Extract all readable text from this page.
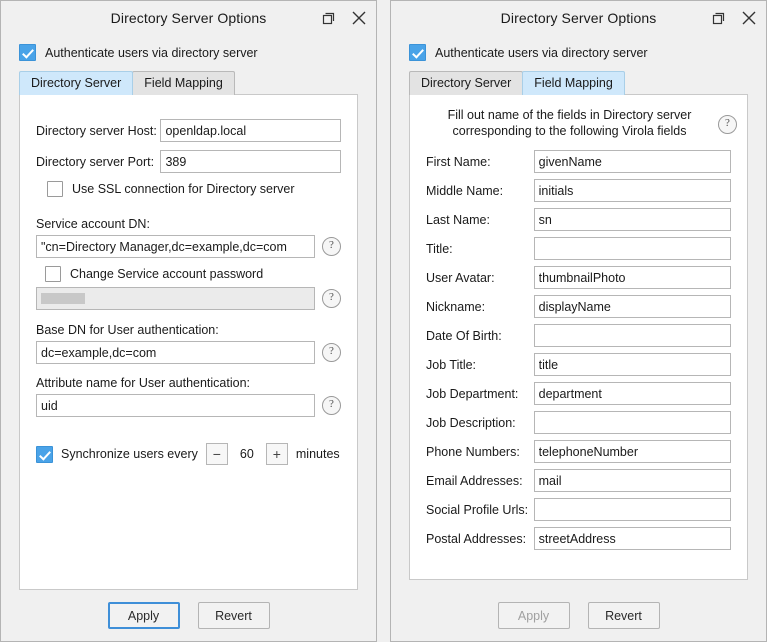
Directory Server Options
Authenticate users via directory server
Directory Server	Field Mapping
Directory server Host:
openldap.local
Directory server Port:
389
Use SSL connection for Directory server
Service account DN:
"cn=Directory Manager,dc=example,dc=com
?
Change Service account password
?
Base DN for User authentication:
dc=example,dc=com
?
Attribute name for User authentication:
uid
?
Synchronize users every	−	60	+	minutes
Apply	Revert
Directory Server Options
Authenticate users via directory server
Directory Server	Field Mapping
Fill out name of the fields in Directory server corresponding to the following Virola fields
?
First Name:
givenName
Middle Name:
initials
Last Name:
sn
Title:
User Avatar:
thumbnailPhoto
Nickname:
displayName
Date Of Birth:
Job Title:
title
Job Department:
department
Job Description:
Phone Numbers:
telephoneNumber
Email Addresses:
mail
Social Profile Urls:
Postal Addresses:
streetAddress
Apply	Revert
